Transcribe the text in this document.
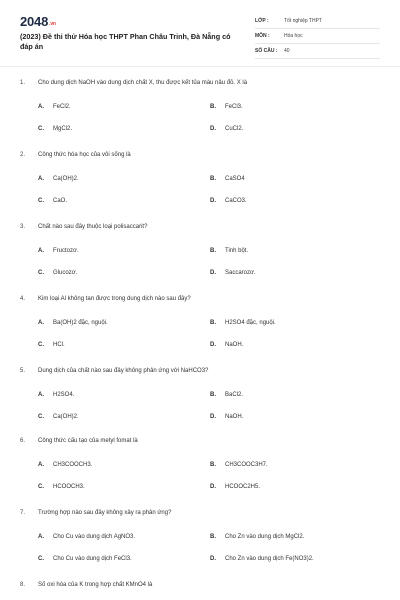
2048.vn
(2023) Đề thi thử Hóa học THPT Phan Châu Trinh, Đà Nẵng có đáp án
LỚP :	Tốt nghiệp THPT
MÔN :	Hóa học
SỐ CÂU : 40
1. Cho dung dịch NaOH vào dung dịch chất X, thu được kết tủa màu nâu đỏ. X là
A. FeCl2.	B. FeCl3.
C. MgCl2.	D. CuCl2.
2. Công thức hóa học của vôi sống là
A. Ca(OH)2.	B. CaSO4
C. CaO.	D. CaCO3.
3. Chất nào sau đây thuộc loại polisaccarit?
A. Fructozơ.	B. Tinh bột.
C. Glucozơ.	D. Saccarozơ.
4. Kim loại Al không tan được trong dung dịch nào sau đây?
A. Ba(OH)2 đặc, nguội.	B. H2SO4 đặc, nguội.
C. HCl.	D. NaOH.
5. Dung dịch của chất nào sau đây không phản ứng với NaHCO3?
A. H2SO4.	B. BaCl2.
C. Ca(OH)2.	D. NaOH.
6. Công thức cấu tạo của metyl fomat là
A. CH3COOCH3.	B. CH3COOC3H7.
C. HCOOCH3.	D. HCOOC2H5.
7. Trường hợp nào sau đây không xảy ra phản ứng?
A. Cho Cu vào dung dịch AgNO3.	B. Cho Zn vào dung dịch MgCl2.
C. Cho Cu vào dung dịch FeCl3.	D. Cho Zn vào dung dịch Fe(NO3)2.
8. Số oxi hóa của K trong hợp chất KMnO4 là
